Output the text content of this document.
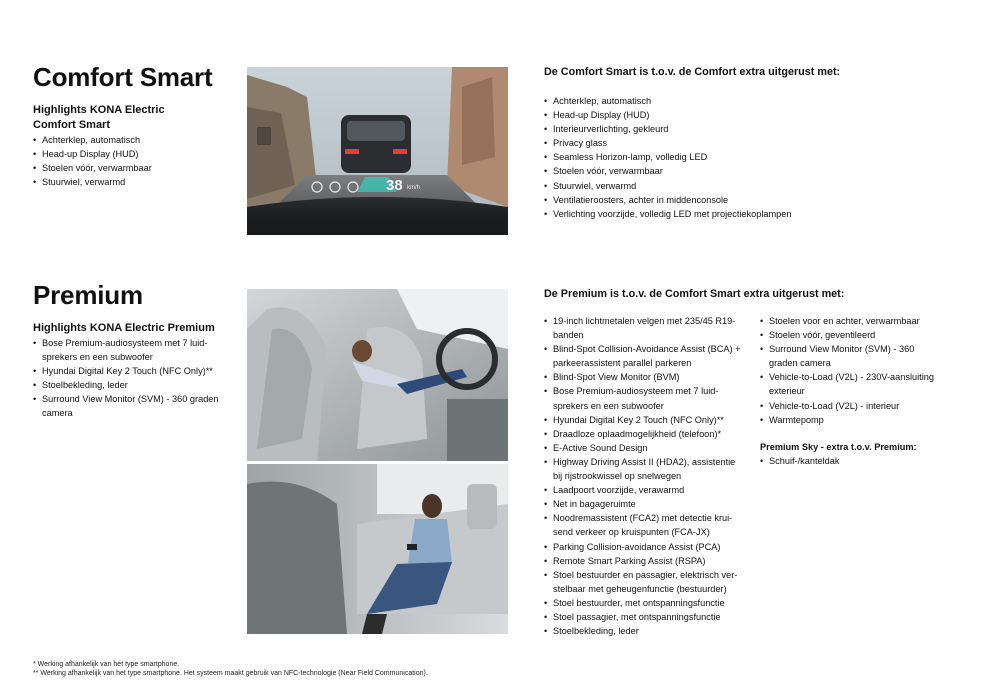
Comfort Smart
Highlights KONA Electric Comfort Smart
• Achterklep, automatisch
• Head-up Display (HUD)
• Stoelen vóór, verwarmbaar
• Stuurwiel, verwarmd	38 km/h
De Comfort Smart is t.o.v. de Comfort extra uitgerust met:
• Achterklep, automatisch
• Head-up Display (HUD)
• Interieurverlichting, gekleurd
• Privacy glass
• Seamless Horizon-lamp, volledig LED
• Stoelen vóór, verwarmbaar
• Stuurwiel, verwarmd
• Ventilatieroosters, achter in middenconsole
• Verlichting voorzijde, volledig LED met projectiekoplampen
Premium
Highlights KONA Electric Premium
• Bose Premium-audiosysteem met 7 luid-sprekers en een subwoofer
• Hyundai Digital Key 2 Touch (NFC Only)**
• Stoelbekleding, leder
• Surround View Monitor (SVM) - 360 graden camera
De Premium is t.o.v. de Comfort Smart extra uitgerust met:
• 19-inch lichtmetalen velgen met 235/45 R19-banden
• Blind-Spot Collision-Avoidance Assist (BCA) + parkeerassistent parallel parkeren
• Blind-Spot View Monitor (BVM)
• Bose Premium-audiosysteem met 7 luid-sprekers en een subwoofer
• Hyundai Digital Key 2 Touch (NFC Only)**
• Draadloze oplaadmogelijkheid (telefoon)*
• E-Active Sound Design
• Highway Driving Assist II (HDA2), assistentie bij rijstrookwissel op snelwegen
• Laadpoort voorzijde, verawarmd
• Net in bagageruimte
• Noodremassistent (FCA2) met detectie krui-send verkeer op kruispunten (FCA-JX)
• Parking Collision-avoidance Assist (PCA)
• Remote Smart Parking Assist (RSPA)
• Stoel bestuurder en passagier, elektrisch ver-stelbaar met geheugenfunctie (bestuurder)
• Stoel bestuurder, met ontspanningsfunctie
• Stoel passagier, met ontspanningsfunctie
• Stoelbekleding, leder
• Stoelen voor en achter, verwarmbaar
• Stoelen vóór, geventileerd
• Surround View Monitor (SVM) - 360 graden camera
• Vehicle-to-Load (V2L) - 230V-aansluiting exterieur
• Vehicle-to-Load (V2L) - interieur
• Warmtepomp
Premium Sky - extra t.o.v. Premium:
• Schuif-/kanteldak
* Werking afhankelijk van het type smartphone.
** Werking afhankelijk van het type smartphone. Het systeem maakt gebruik van NFC-technologie (Near Field Communication).
